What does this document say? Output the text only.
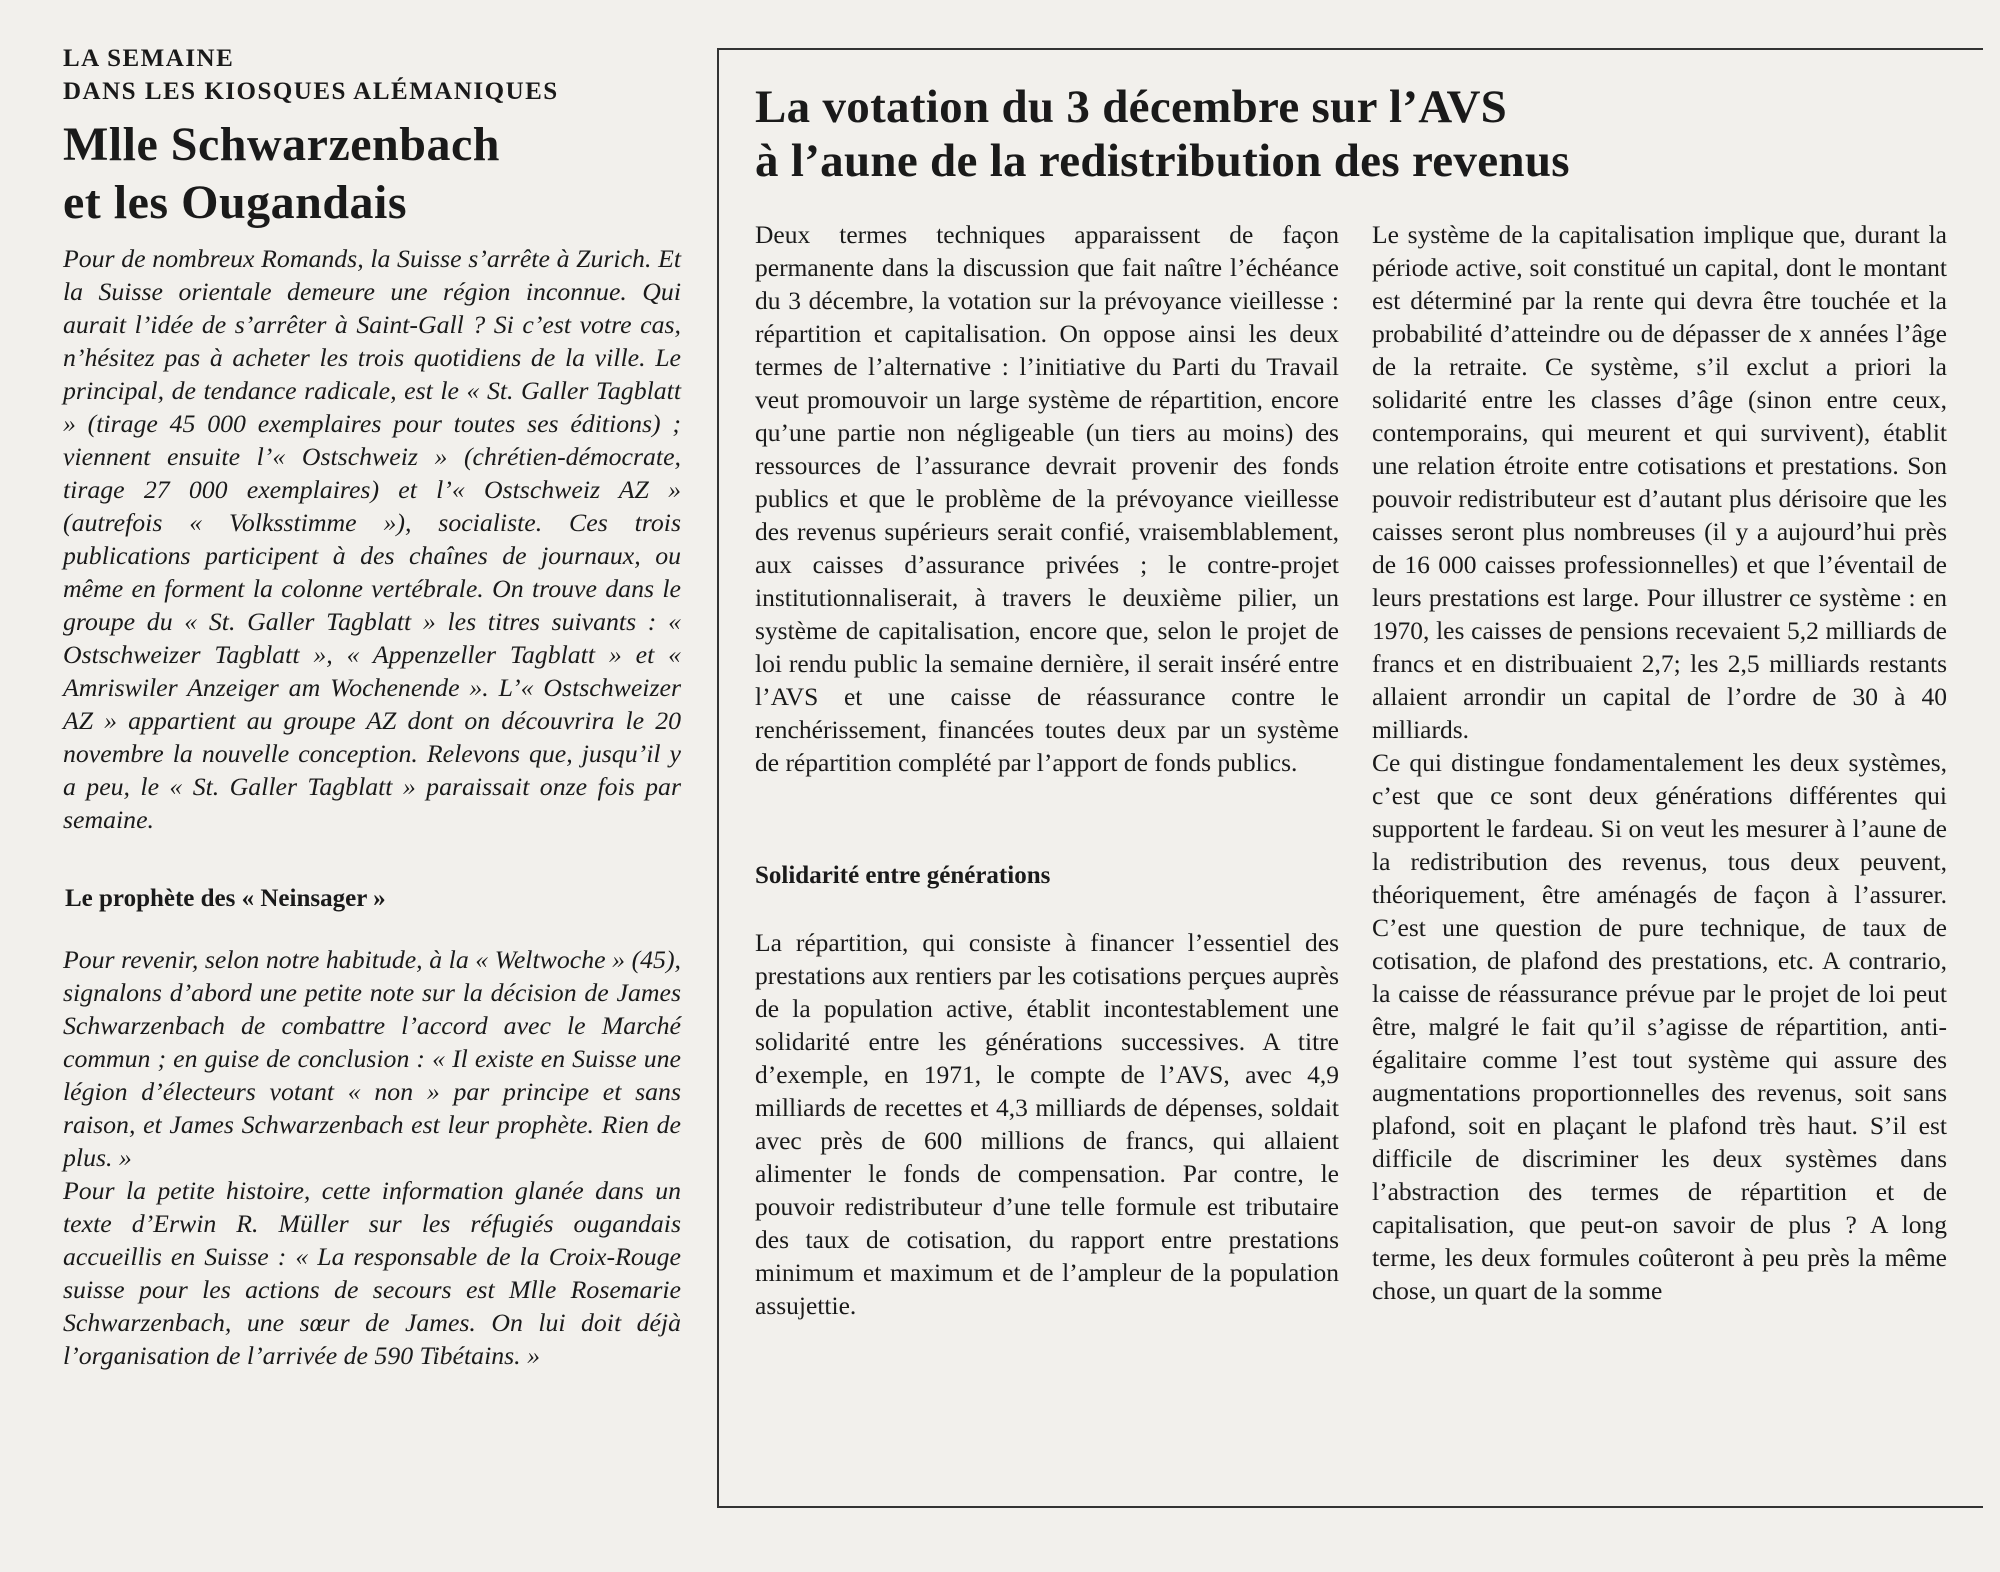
LA SEMAINE

DANS LES KIOSQUES ALÉMANIQUES

Mlle Schwarzenbach
et les Ougandais

Pour de nombreux Romands, la Suisse s’arrête à Zurich. Et la Suisse orientale demeure une région inconnue. Qui aurait l’idée de s’arrêter à Saint-Gall ? Si c’est votre cas, n’hésitez pas à acheter les trois quotidiens de la ville. Le principal, de tendance radicale, est le « St. Galler Tagblatt » (tirage 45 000 exemplaires pour toutes ses éditions) ; viennent ensuite l’« Ostschweiz » (chrétien-démocrate, tirage 27 000 exemplaires) et l’« Ostschweiz AZ » (autrefois « Volksstimme »), socialiste. Ces trois publications participent à des chaînes de journaux, ou même en forment la colonne vertébrale. On trouve dans le groupe du « St. Galler Tagblatt » les titres suivants : « Ostschweizer Tagblatt », « Appenzeller Tagblatt » et « Amriswiler Anzeiger am Wochenende ». L’« Ostschweizer AZ » appartient au groupe AZ dont on découvrira le 20 novembre la nouvelle conception. Relevons que, jusqu’il y a peu, le « St. Galler Tagblatt » paraissait onze fois par semaine.

Le prophète des « Neinsager »

Pour revenir, selon notre habitude, à la « Weltwoche » (45), signalons d’abord une petite note sur la décision de James Schwarzenbach de combattre l’accord avec le Marché commun ; en guise de conclusion : « Il existe en Suisse une légion d’électeurs votant « non » par principe et sans raison, et James Schwarzenbach est leur prophète. Rien de plus. »

Pour la petite histoire, cette information glanée dans un texte d’Erwin R. Müller sur les réfugiés ougandais accueillis en Suisse : « La responsable de la Croix-Rouge suisse pour les actions de secours est Mlle Rosemarie Schwarzenbach, une sœur de James. On lui doit déjà l’organisation de l’arrivée de 590 Tibétains. »

La votation du 3 décembre sur l’AVS
à l’aune de la redistribution des revenus

Deux termes techniques apparaissent de façon permanente dans la discussion que fait naître l’échéance du 3 décembre, la votation sur la prévoyance vieillesse : répartition et capitalisation. On oppose ainsi les deux termes de l’alternative : l’initiative du Parti du Travail veut promouvoir un large système de répartition, encore qu’une partie non négligeable (un tiers au moins) des ressources de l’assurance devrait provenir des fonds publics et que le problème de la prévoyance vieillesse des revenus supérieurs serait confié, vraisemblablement, aux caisses d’assurance privées ; le contre-projet institutionnaliserait, à travers le deuxième pilier, un système de capitalisation, encore que, selon le projet de loi rendu public la semaine dernière, il serait inséré entre l’AVS et une caisse de réassurance contre le renchérissement, financées toutes deux par un système de répartition complété par l’apport de fonds publics.

Solidarité entre générations

La répartition, qui consiste à financer l’essentiel des prestations aux rentiers par les cotisations perçues auprès de la population active, établit incontestablement une solidarité entre les générations successives. A titre d’exemple, en 1971, le compte de l’AVS, avec 4,9 milliards de recettes et 4,3 milliards de dépenses, soldait avec près de 600 millions de francs, qui allaient alimenter le fonds de compensation. Par contre, le pouvoir redistributeur d’une telle formule est tributaire des taux de cotisation, du rapport entre prestations minimum et maximum et de l’ampleur de la population assujettie.

Le système de la capitalisation implique que, durant la période active, soit constitué un capital, dont le montant est déterminé par la rente qui devra être touchée et la probabilité d’atteindre ou de dépasser de x années l’âge de la retraite. Ce système, s’il exclut a priori la solidarité entre les classes d’âge (sinon entre ceux, contemporains, qui meurent et qui survivent), établit une relation étroite entre cotisations et prestations. Son pouvoir redistributeur est d’autant plus dérisoire que les caisses seront plus nombreuses (il y a aujourd’hui près de 16 000 caisses professionnelles) et que l’éventail de leurs prestations est large. Pour illustrer ce système : en 1970, les caisses de pensions recevaient 5,2 milliards de francs et en distribuaient 2,7; les 2,5 milliards restants allaient arrondir un capital de l’ordre de 30 à 40 milliards.

Ce qui distingue fondamentalement les deux systèmes, c’est que ce sont deux générations différentes qui supportent le fardeau. Si on veut les mesurer à l’aune de la redistribution des revenus, tous deux peuvent, théoriquement, être aménagés de façon à l’assurer. C’est une question de pure technique, de taux de cotisation, de plafond des prestations, etc. A contrario, la caisse de réassurance prévue par le projet de loi peut être, malgré le fait qu’il s’agisse de répartition, anti-égalitaire comme l’est tout système qui assure des augmentations proportionnelles des revenus, soit sans plafond, soit en plaçant le plafond très haut. S’il est difficile de discriminer les deux systèmes dans l’abstraction des termes de répartition et de capitalisation, que peut-on savoir de plus ? A long terme, les deux formules coûteront à peu près la même chose, un quart de la somme
